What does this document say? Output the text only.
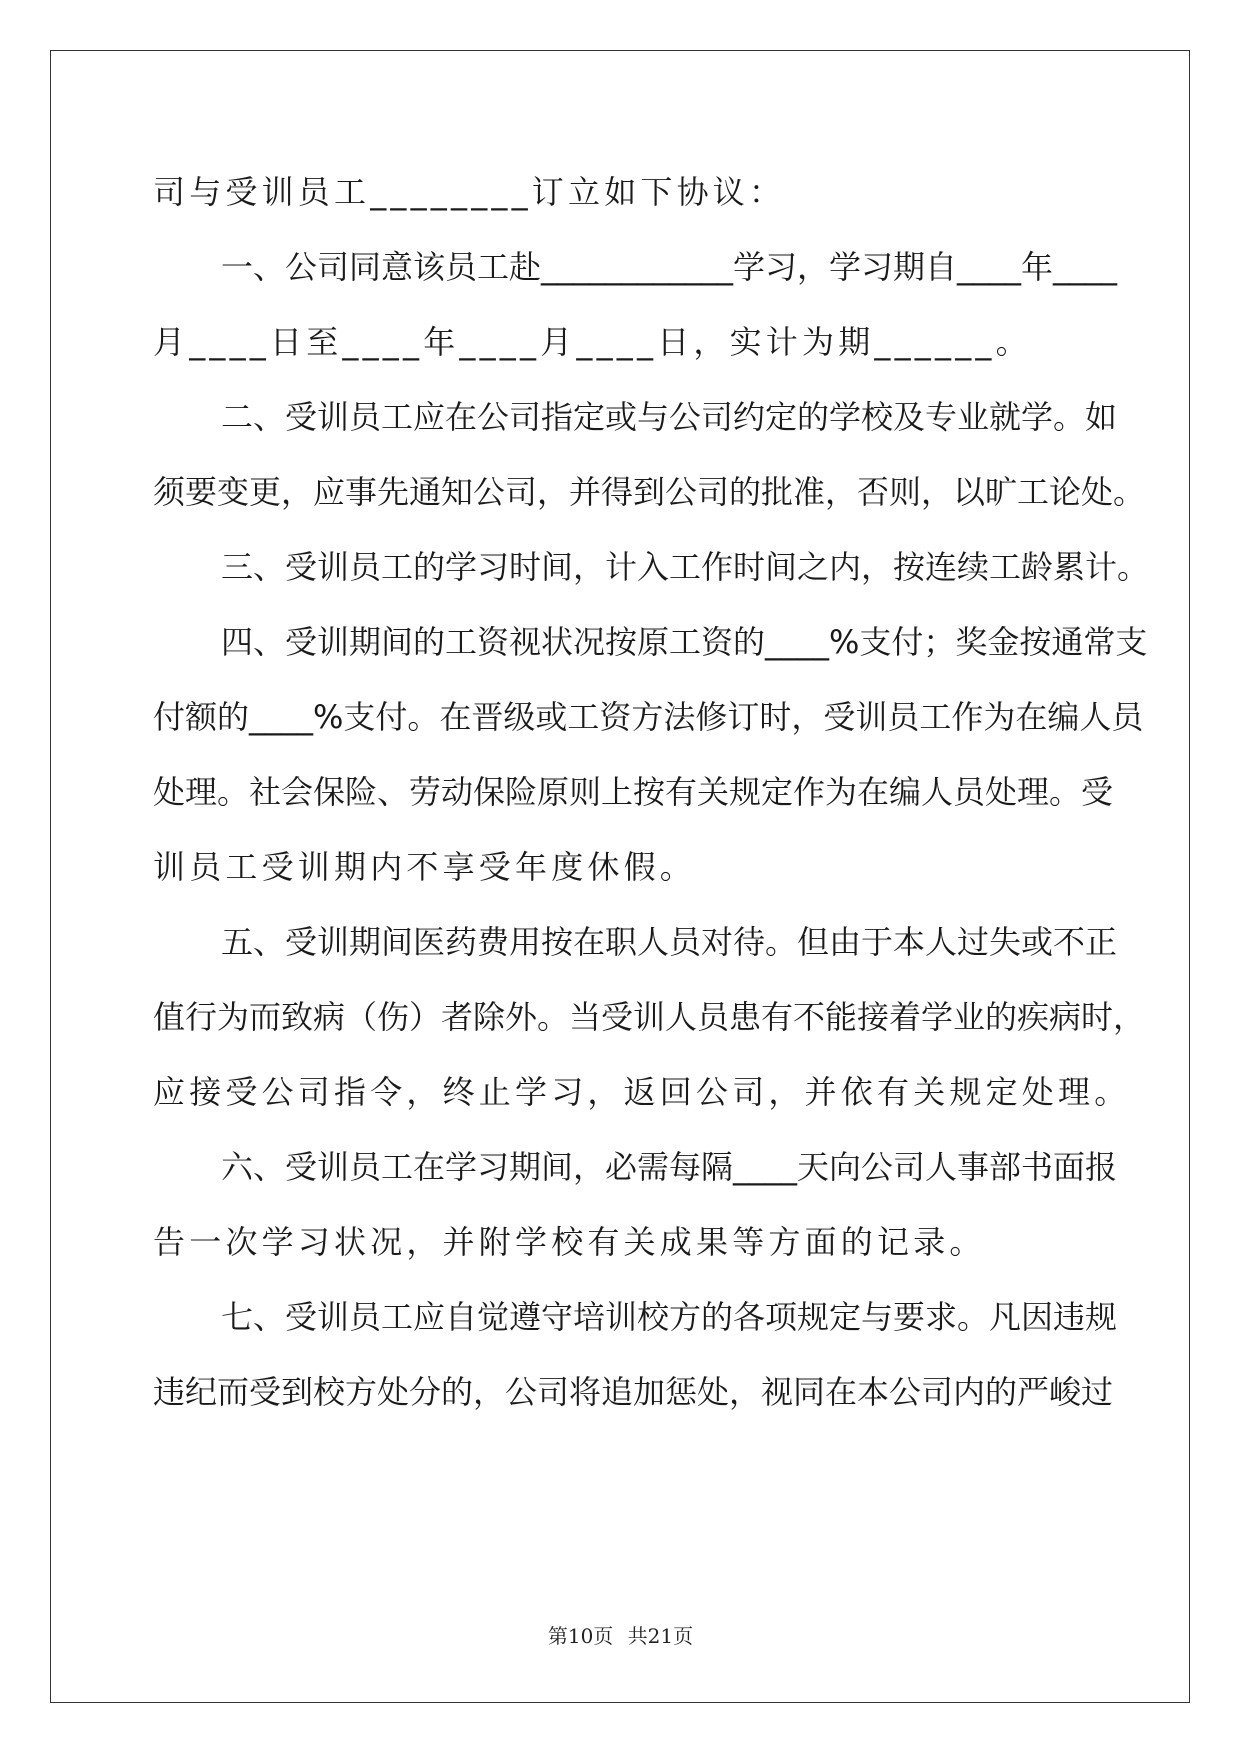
司与受训员工________订立如下协议：
一、公司同意该员工赴____________学习，学习期自____年____
月____日至____年____月____日，实计为期______。
二、受训员工应在公司指定或与公司约定的学校及专业就学。如
须要变更，应事先通知公司，并得到公司的批准，否则，以旷工论处。
三、受训员工的学习时间，计入工作时间之内，按连续工龄累计。
四、受训期间的工资视状况按原工资的____%支付；奖金按通常支
付额的____%支付。在晋级或工资方法修订时，受训员工作为在编人员
处理。社会保险、劳动保险原则上按有关规定作为在编人员处理。受
训员工受训期内不享受年度休假。
五、受训期间医药费用按在职人员对待。但由于本人过失或不正
值行为而致病（伤）者除外。当受训人员患有不能接着学业的疾病时，
应接受公司指令，终止学习，返回公司，并依有关规定处理。
六、受训员工在学习期间，必需每隔____天向公司人事部书面报
告一次学习状况，并附学校有关成果等方面的记录。
七、受训员工应自觉遵守培训校方的各项规定与要求。凡因违规
违纪而受到校方处分的，公司将追加惩处，视同在本公司内的严峻过
第10页 共21页
